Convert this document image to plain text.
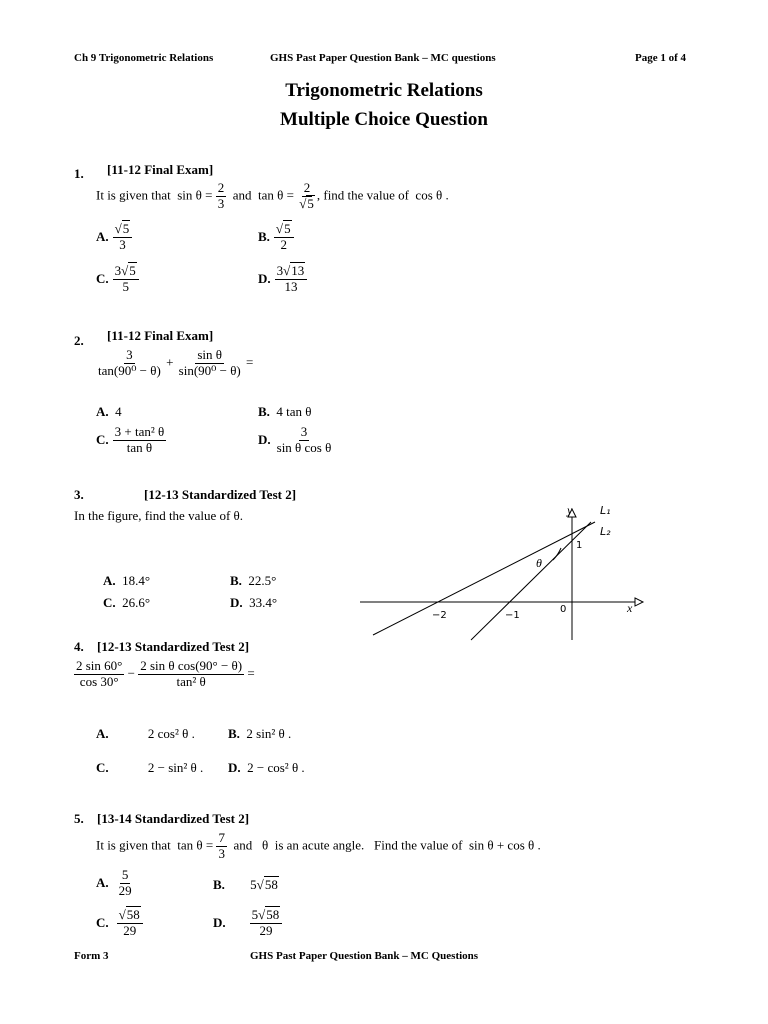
Ch 9 Trigonometric Relations	GHS Past Paper Question Bank – MC questions	Page 1 of 4
Trigonometric Relations
Multiple Choice Question
1. [11-12 Final Exam]
It is given that $\sin \theta = \frac{2}{3}$ and $\tan \theta = \frac{2}{√5}$ , find the value of cos θ .
A. $\frac{√5}{3}$	B. $\frac{√5}{2}$
C. $\frac{3√5}{5}$	D. $\frac{3√13}{13}$
2. [11-12 Final Exam]
$\frac{3}{\text{tan(90⁰ − θ)}} + \frac{\text{sin θ}}{\text{sin(90⁰ − θ)}}$ =
A. 4	B. 4 tan θ
C. $\frac{\text{3 + tan² θ}}{\text{tan θ}}$	D. $\frac{3}{\text{sin θ cos θ}}$
3.	[12-13 Standardized Test 2]
In the figure, find the value of θ.
A. 18.4°	B. 22.5°
C. 26.6°	D. 33.4°
y
x
L₁
L₂
1
0
−2	−1
θ
4. [12-13 Standardized Test 2]
$\frac{2 \sin 60^\circ}{\cos 30^\circ} - \frac{\text{2 sin θ cos(90° − θ)}}{\text{tan² θ}}$ =
A.	2 cos² θ .	B. 2 sin² θ .
C.	2 − sin² θ . D. 2 − cos² θ .
5. [13-14 Standardized Test 2]
It is given that $\tan \theta = \frac{7}{3}$ and θ is an acute angle. Find the value of sin θ + cos θ .
A. $\frac{5}{29}$	B. 5√58
C. $\frac{√58}{29}$	D. $\frac{5√58}{29}$
Form 3	GHS Past Paper Question Bank – MC Questions
